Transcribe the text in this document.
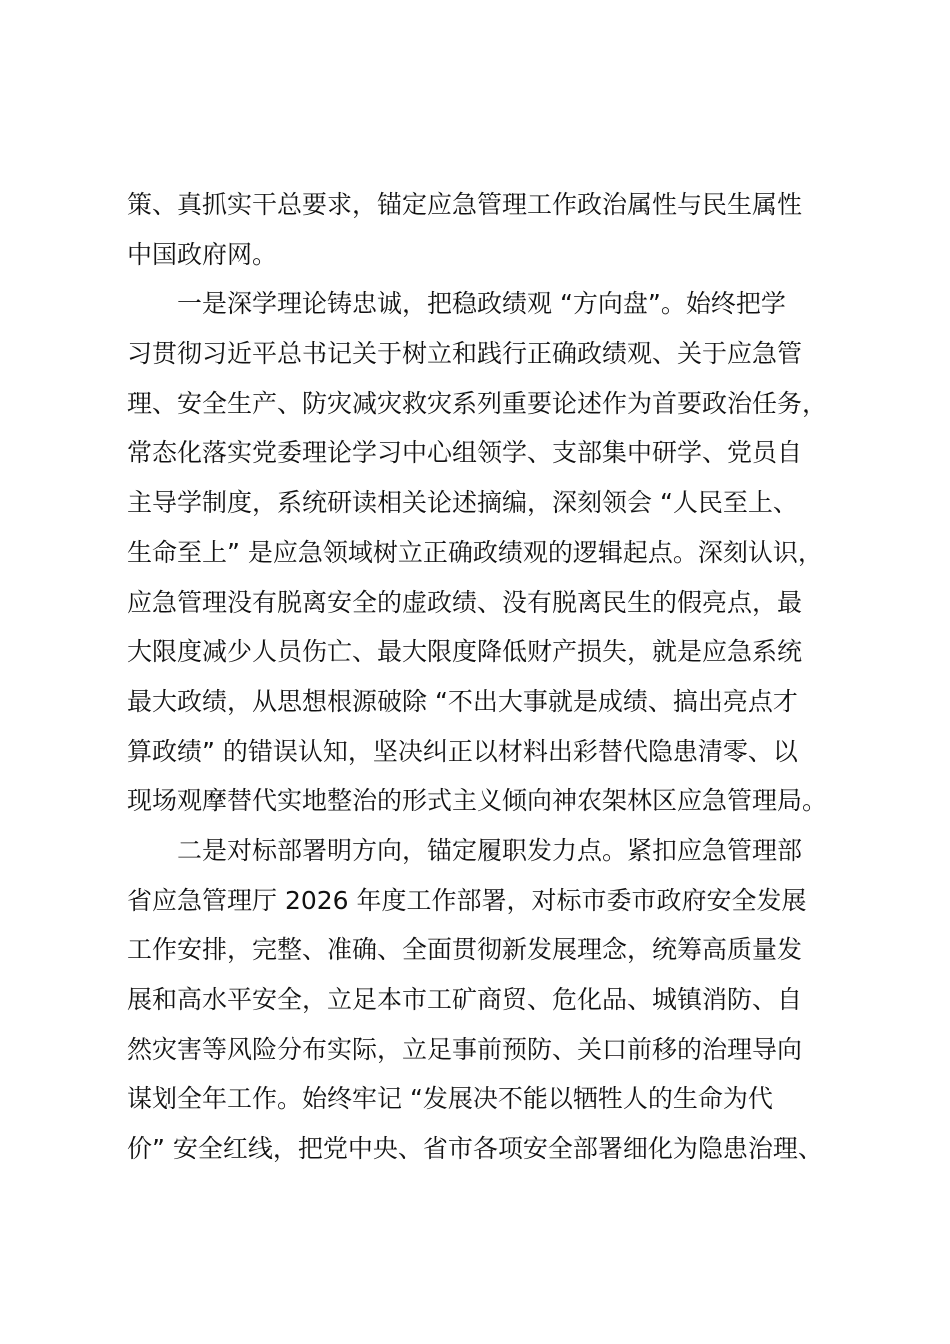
策、真抓实干总要求，锚定应急管理工作政治属性与民生属性
中国政府网。
一是深学理论铸忠诚，把稳政绩观 “方向盘”。始终把学
习贯彻习近平总书记关于树立和践行正确政绩观、关于应急管
理、安全生产、防灾减灾救灾系列重要论述作为首要政治任务，
常态化落实党委理论学习中心组领学、支部集中研学、党员自
主导学制度，系统研读相关论述摘编，深刻领会 “人民至上、
生命至上” 是应急领域树立正确政绩观的逻辑起点。深刻认识，
应急管理没有脱离安全的虚政绩、没有脱离民生的假亮点，最
大限度减少人员伤亡、最大限度降低财产损失，就是应急系统
最大政绩，从思想根源破除 “不出大事就是成绩、搞出亮点才
算政绩” 的错误认知，坚决纠正以材料出彩替代隐患清零、以
现场观摩替代实地整治的形式主义倾向神农架林区应急管理局。
二是对标部署明方向，锚定履职发力点。紧扣应急管理部
省应急管理厅 2026 年度工作部署，对标市委市政府安全发展
工作安排，完整、准确、全面贯彻新发展理念，统筹高质量发
展和高水平安全，立足本市工矿商贸、危化品、城镇消防、自
然灾害等风险分布实际，立足事前预防、关口前移的治理导向
谋划全年工作。始终牢记 “发展决不能以牺牲人的生命为代
价” 安全红线，把党中央、省市各项安全部署细化为隐患治理、
